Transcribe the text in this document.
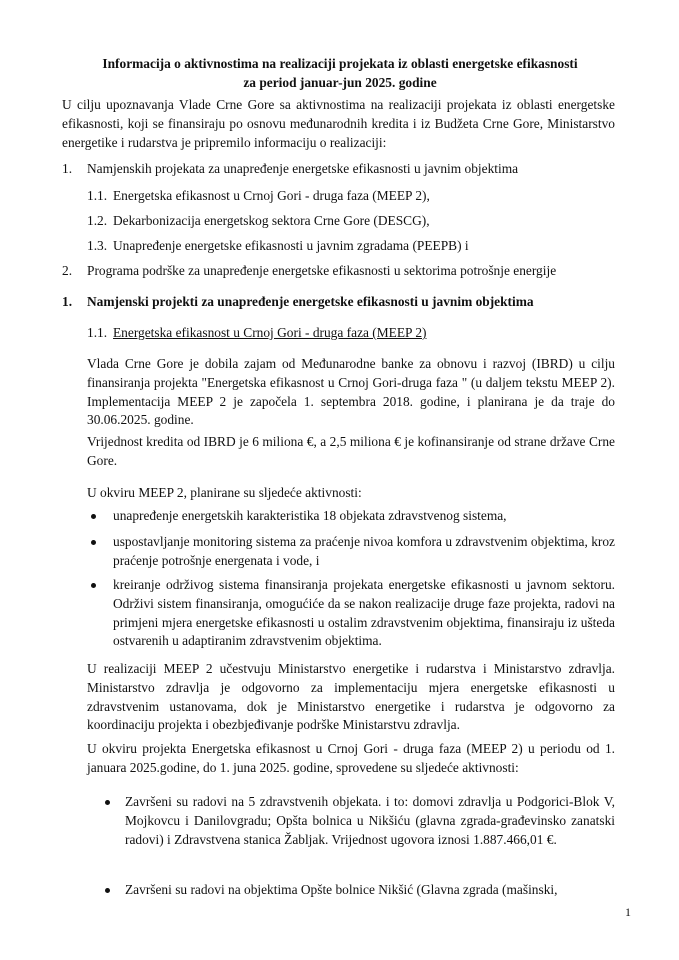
Informacija o aktivnostima na realizaciji projekata iz oblasti energetske efikasnosti
za period januar-jun 2025. godine

U cilju upoznavanja Vlade Crne Gore sa aktivnostima na realizaciji projekata iz oblasti energetske efikasnosti, koji se finansiraju po osnovu međunarodnih kredita i iz Budžeta Crne Gore, Ministarstvo energetike i rudarstva je pripremilo informaciju o realizaciji:

1. Namjenskih projekata za unapređenje energetske efikasnosti u javnim objektima
1.1. Energetska efikasnost u Crnoj Gori - druga faza (MEEP 2),
1.2. Dekarbonizacija energetskog sektora Crne Gore (DESCG),
1.3. Unapređenje energetske efikasnosti u javnim zgradama (PEEPB) i
2. Programa podrške za unapređenje energetske efikasnosti u sektorima potrošnje energije
1. Namjenski projekti za unapređenje energetske efikasnosti u javnim objektima
1.1. Energetska efikasnost u Crnoj Gori - druga faza (MEEP 2)

Vlada Crne Gore je dobila zajam od Međunarodne banke za obnovu i razvoj (IBRD) u cilju finansiranja projekta "Energetska efikasnost u Crnoj Gori-druga faza " (u daljem tekstu MEEP 2). Implementacija MEEP 2 je započela 1. septembra 2018. godine, i planirana je da traje do 30.06.2025. godine.

Vrijednost kredita od IBRD je 6 miliona €, a 2,5 miliona € je kofinansiranje od strane države Crne Gore.

U okviru MEEP 2, planirane su sljedeće aktivnosti:

unapređenje energetskih karakteristika 18 objekata zdravstvenog sistema,

uspostavljanje monitoring sistema za praćenje nivoa komfora u zdravstvenim objektima, kroz praćenje potrošnje energenata i vode, i

kreiranje održivog sistema finansiranja projekata energetske efikasnosti u javnom sektoru. Održivi sistem finansiranja, omogućiće da se nakon realizacije druge faze projekta, radovi na primjeni mjera energetske efikasnosti u ostalim zdravstvenim objektima, finansiraju iz ušteda ostvarenih u adaptiranim zdravstvenim objektima.

U realizaciji MEEP 2 učestvuju Ministarstvo energetike i rudarstva i Ministarstvo zdravlja. Ministarstvo zdravlja je odgovorno za implementaciju mjera energetske efikasnosti u zdravstvenim ustanovama, dok je Ministarstvo energetike i rudarstva je odgovorno za koordinaciju projekta i obezbjeđivanje podrške Ministarstvu zdravlja.

U okviru projekta Energetska efikasnost u Crnoj Gori - druga faza (MEEP 2) u periodu od 1. januara 2025.godine, do 1. juna 2025. godine, sprovedene su sljedeće aktivnosti:

Završeni su radovi na 5 zdravstvenih objekata. i to: domovi zdravlja u Podgorici-Blok V, Mojkovcu i Danilovgradu; Opšta bolnica u Nikšiću (glavna zgrada-građevinsko zanatski radovi) i Zdravstvena stanica Žabljak. Vrijednost ugovora iznosi 1.887.466,01 €.

Završeni su radovi na objektima Opšte bolnice Nikšić (Glavna zgrada (mašinski,

1
